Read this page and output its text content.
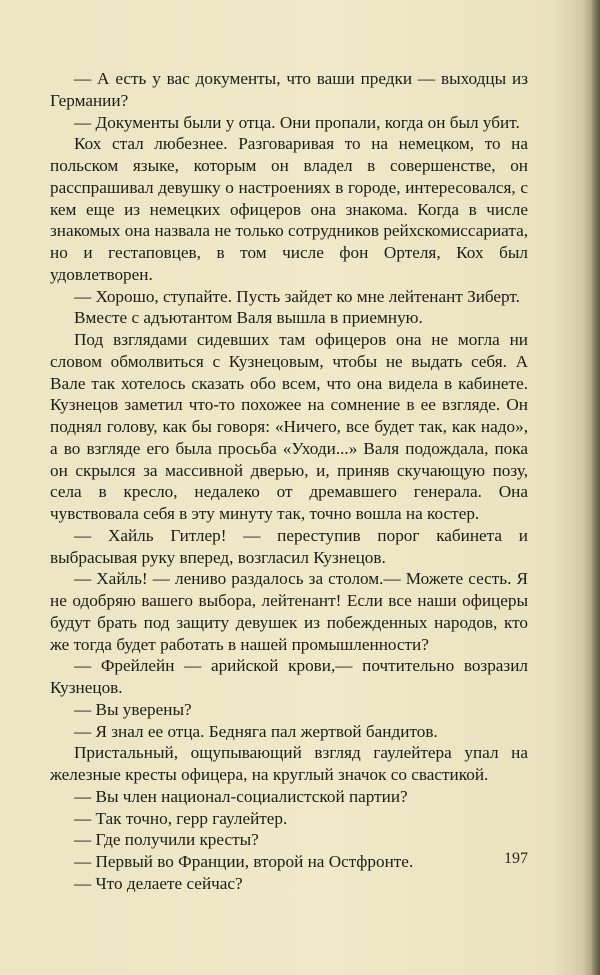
— А есть у вас документы, что ваши предки — выходцы из Германии?

— Документы были у отца. Они пропали, когда он был убит.

Кох стал любезнее. Разговаривая то на немецком, то на польском языке, которым он владел в совершенстве, он расспрашивал девушку о настроениях в городе, интересовался, с кем еще из немецких офицеров она знакома. Когда в числе знакомых она назвала не только сотрудников рейхскомиссариата, но и гестаповцев, в том числе фон Ортеля, Кох был удовлетворен.

— Хорошо, ступайте. Пусть зайдет ко мне лейтенант Зиберт.

Вместе с адъютантом Валя вышла в приемную.

Под взглядами сидевших там офицеров она не могла ни словом обмолвиться с Кузнецовым, чтобы не выдать себя. А Вале так хотелось сказать обо всем, что она видела в кабинете. Кузнецов заметил что-то похожее на сомнение в ее взгляде. Он поднял голову, как бы говоря: «Ничего, все будет так, как надо», а во взгляде его была просьба «Уходи...» Валя подождала, пока он скрылся за массивной дверью, и, приняв скучающую позу, села в кресло, недалеко от дремавшего генерала. Она чувствовала себя в эту минуту так, точно вошла на костер.

— Хайль Гитлер! — переступив порог кабинета и выбрасывая руку вперед, возгласил Кузнецов.

— Хайль! — лениво раздалось за столом.— Можете сесть. Я не одобряю вашего выбора, лейтенант! Если все наши офицеры будут брать под защиту девушек из побежденных народов, кто же тогда будет работать в нашей промышленности?

— Фрейлейн — арийской крови,— почтительно возразил Кузнецов.

— Вы уверены?

— Я знал ее отца. Бедняга пал жертвой бандитов.

Пристальный, ощупывающий взгляд гаулейтера упал на железные кресты офицера, на круглый значок со свастикой.

— Вы член национал-социалистской партии?

— Так точно, герр гаулейтер.

— Где получили кресты?

— Первый во Франции, второй на Остфронте.

— Что делаете сейчас?

197
